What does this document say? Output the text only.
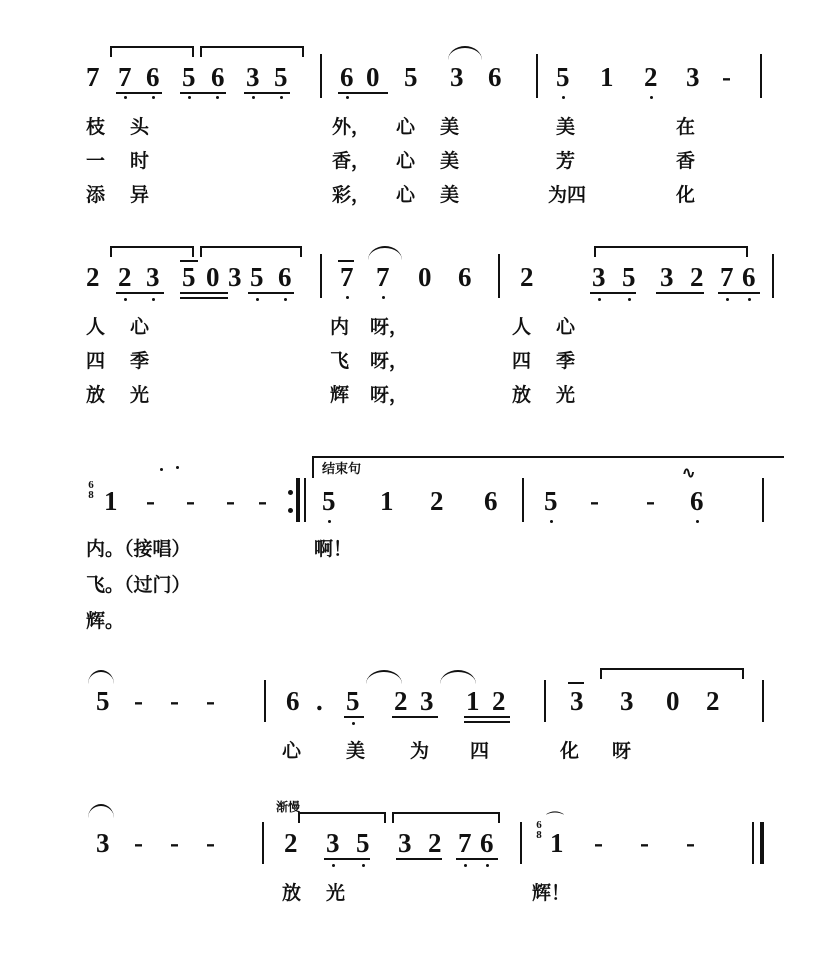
7 7 6 5 6 3 5 6 0 5 3 6 5 1 2 3 -
枝 头	外， 心 美	美	在
一 时	香， 心 美	芳	香
添 异	彩， 心 美	为四	化
2 2 3 5 0 3 5 6 7 7 0 6 2 3 5 3 2 7 6
人 心	内 呀，	人 心
四 季	飞 呀，	四 季
放 光	辉 呀，	放 光
结束句
6
8 1 - - - - 5 1 2 6 5 - - 6
∿
内。（接唱）	啊！
飞。（过门）
辉。
5 - - -	6 . 5 2 3 1 2 3 3 0 2
心 美 为 四	化 呀
渐慢
3 - - -	2 3 5 3 2 7 6
6
8
⌒
1 - - -
放 光	辉！
